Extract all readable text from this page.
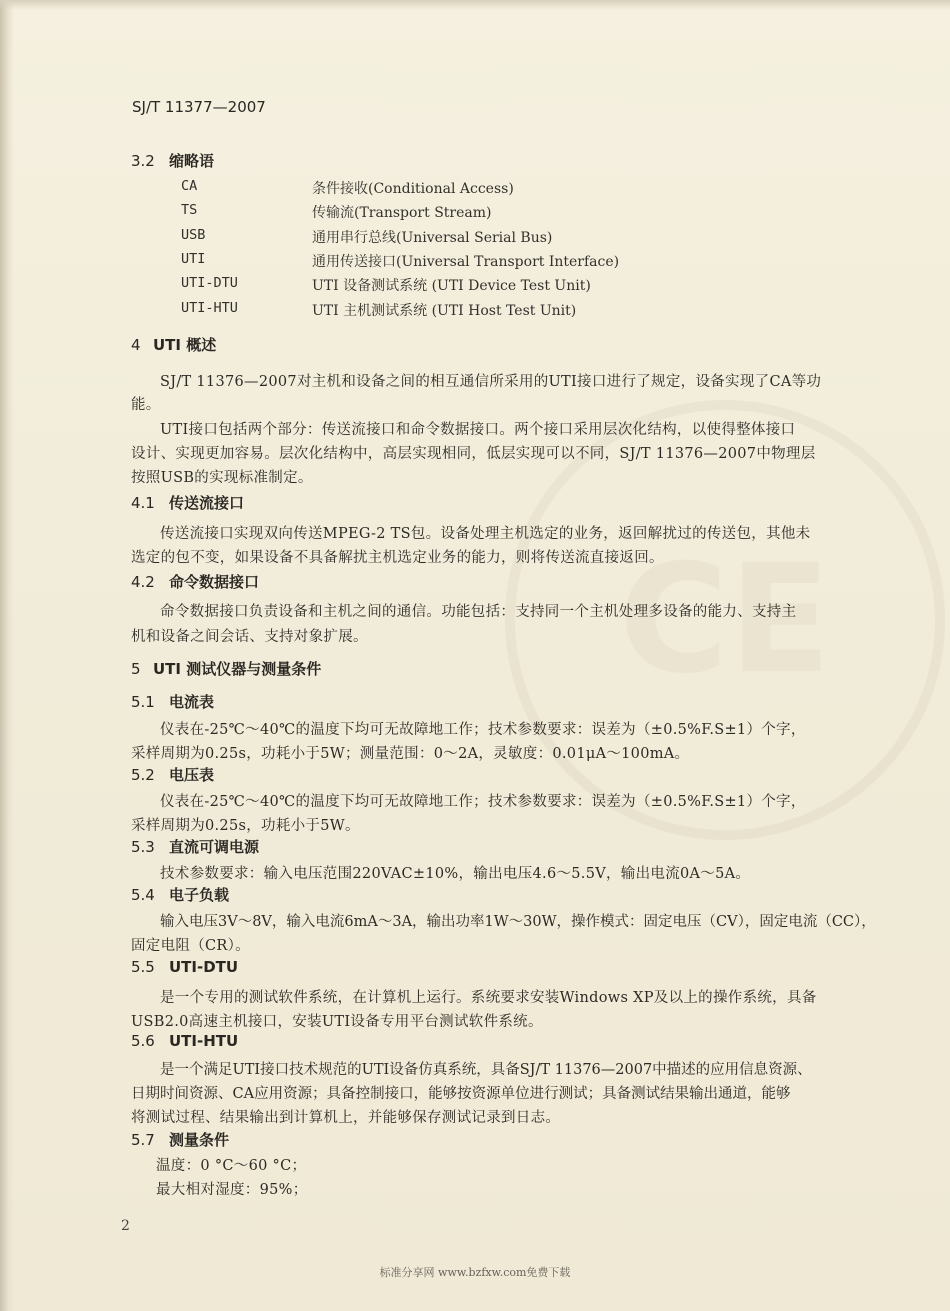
CE
SJ/T 11377—2007
3.2 缩略语
CA	条件接收(Conditional Access)
TS	传输流(Transport Stream)
USB	通用串行总线(Universal Serial Bus)
UTI	通用传送接口(Universal Transport Interface)
UTI-DTU	UTI 设备测试系统 (UTI Device Test Unit)
UTI-HTU	UTI 主机测试系统 (UTI Host Test Unit)
4 UTI 概述
SJ/T 11376—2007对主机和设备之间的相互通信所采用的UTI接口进行了规定，设备实现了CA等功
能。
UTI接口包括两个部分：传送流接口和命令数据接口。两个接口采用层次化结构，以使得整体接口
设计、实现更加容易。层次化结构中，高层实现相同，低层实现可以不同，SJ/T 11376—2007中物理层
按照USB的实现标准制定。
4.1 传送流接口
传送流接口实现双向传送MPEG-2 TS包。设备处理主机选定的业务，返回解扰过的传送包，其他未
选定的包不变，如果设备不具备解扰主机选定业务的能力，则将传送流直接返回。
4.2 命令数据接口
命令数据接口负责设备和主机之间的通信。功能包括：支持同一个主机处理多设备的能力、支持主
机和设备之间会话、支持对象扩展。
5 UTI 测试仪器与测量条件
5.1 电流表
仪表在-25℃～40℃的温度下均可无故障地工作；技术参数要求：误差为（±0.5%F.S±1）个字，
采样周期为0.25s，功耗小于5W；测量范围：0～2A，灵敏度：0.01μA～100mA。
5.2 电压表
仪表在-25℃～40℃的温度下均可无故障地工作；技术参数要求：误差为（±0.5%F.S±1）个字，
采样周期为0.25s，功耗小于5W。
5.3 直流可调电源
技术参数要求：输入电压范围220VAC±10%，输出电压4.6～5.5V，输出电流0A～5A。
5.4 电子负载
输入电压3V～8V，输入电流6mA～3A，输出功率1W～30W，操作模式：固定电压（CV），固定电流（CC），
固定电阻（CR）。
5.5 UTI-DTU
是一个专用的测试软件系统，在计算机上运行。系统要求安装Windows XP及以上的操作系统，具备
USB2.0高速主机接口，安装UTI设备专用平台测试软件系统。
5.6 UTI-HTU
是一个满足UTI接口技术规范的UTI设备仿真系统，具备SJ/T 11376—2007中描述的应用信息资源、
日期时间资源、CA应用资源；具备控制接口，能够按资源单位进行测试；具备测试结果输出通道，能够
将测试过程、结果输出到计算机上，并能够保存测试记录到日志。
5.7 测量条件
温度：0 °C～60 °C；
最大相对湿度：95%；
2
标准分享网 www.bzfxw.com免费下载
